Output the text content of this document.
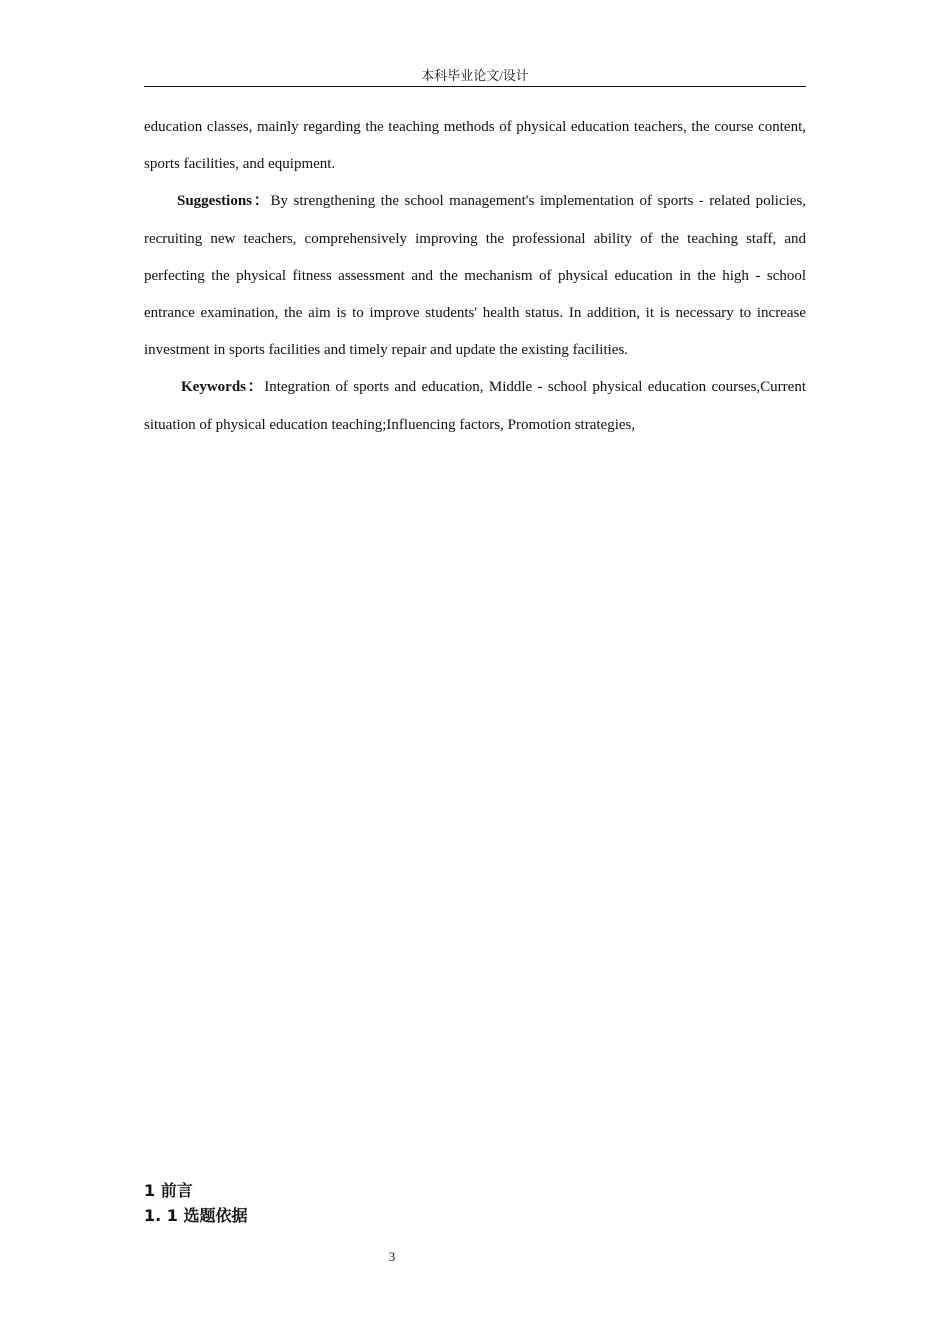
本科毕业论文/设计

education classes, mainly regarding the teaching methods of physical education teachers, the course content, sports facilities, and equipment.

Suggestions：By strengthening the school management's implementation of sports - related policies, recruiting new teachers, comprehensively improving the professional ability of the teaching staff, and perfecting the physical fitness assessment and the mechanism of physical education in the high - school entrance examination, the aim is to improve students' health status. In addition, it is necessary to increase investment in sports facilities and timely repair and update the existing facilities.

Keywords：Integration of sports and education, Middle - school physical education courses,Current situation of physical education teaching;Influencing factors, Promotion strategies,

1 前言
1. 1 选题依据
3
